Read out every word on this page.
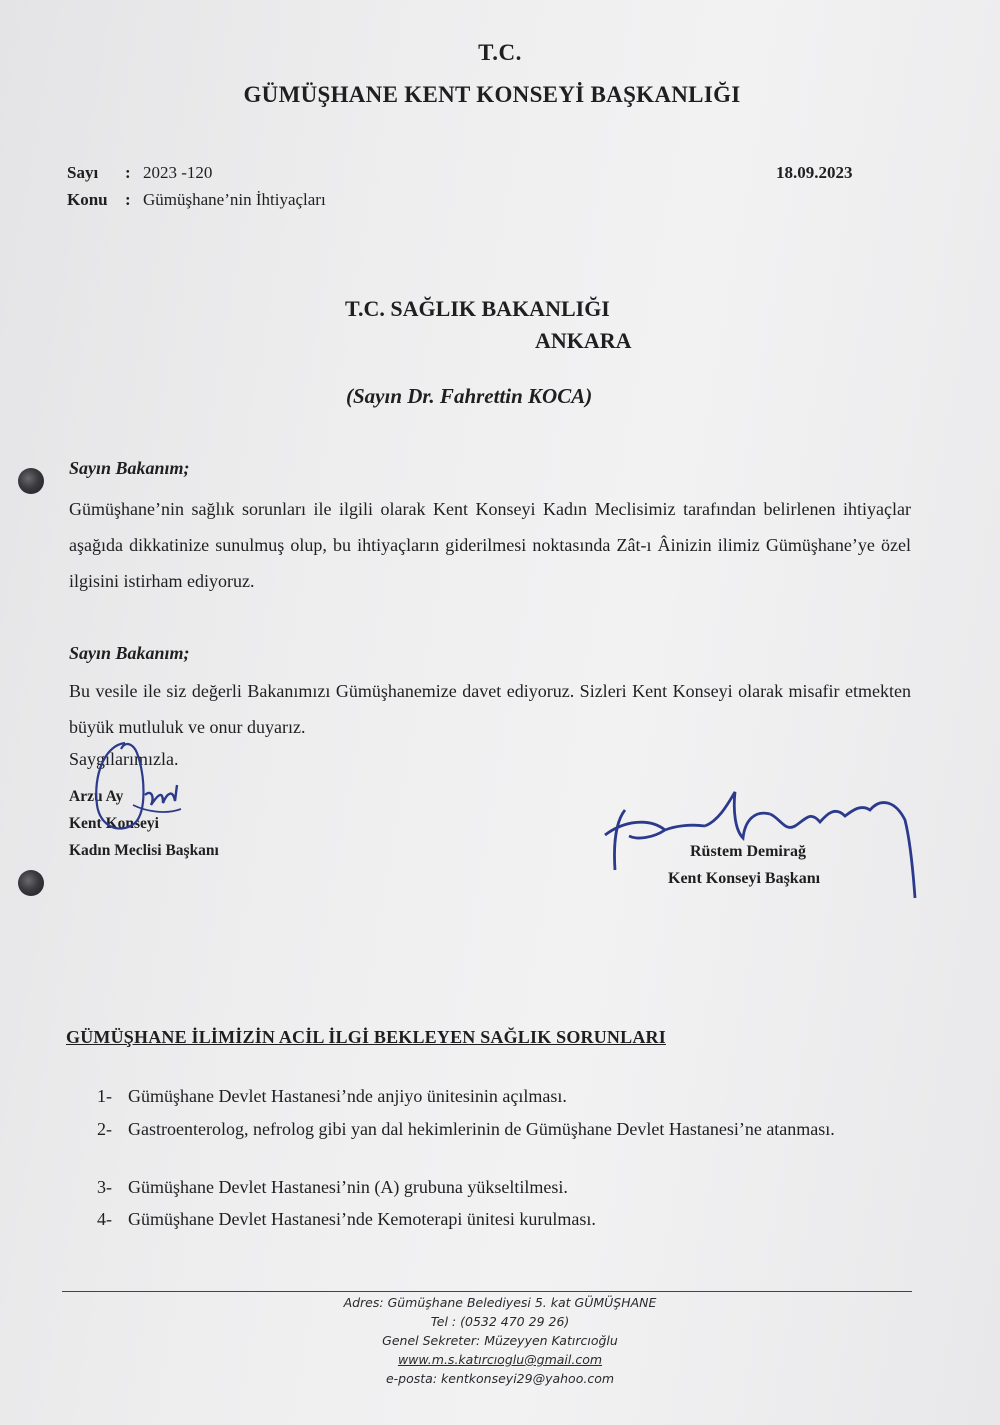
T.C.
GÜMÜŞHANE KENT KONSEYİ BAŞKANLIĞI
Sayı : 2023 -120
Konu : Gümüşhane’nin İhtiyaçları
18.09.2023
T.C. SAĞLIK BAKANLIĞI
ANKARA
(Sayın Dr. Fahrettin KOCA)
Sayın Bakanım;
Gümüşhane’nin sağlık sorunları ile ilgili olarak Kent Konseyi Kadın Meclisimiz tarafından belirlenen ihtiyaçlar aşağıda dikkatinize sunulmuş olup, bu ihtiyaçların giderilmesi noktasında Zât-ı Âinizin ilimiz Gümüşhane’ye özel ilgisini istirham ediyoruz.
Sayın Bakanım;
Bu vesile ile siz değerli Bakanımızı Gümüşhanemize davet ediyoruz. Sizleri Kent Konseyi olarak misafir etmekten büyük mutluluk ve onur duyarız.
Saygılarımızla.
Arzu Ay
Kent Konseyi
Kadın Meclisi Başkanı	Rüstem Demirağ
Kent Konseyi Başkanı
GÜMÜŞHANE İLİMİZİN ACİL İLGİ BEKLEYEN SAĞLIK SORUNLARI
1- Gümüşhane Devlet Hastanesi’nde anjiyo ünitesinin açılması.
2- Gastroenterolog, nefrolog gibi yan dal hekimlerinin de Gümüşhane Devlet Hastanesi’ne atanması.
3- Gümüşhane Devlet Hastanesi’nin (A) grubuna yükseltilmesi.
4- Gümüşhane Devlet Hastanesi’nde Kemoterapi ünitesi kurulması.
Adres: Gümüşhane Belediyesi 5. kat GÜMÜŞHANE
Tel : (0532 470 29 26)
Genel Sekreter: Müzeyyen Katırcıoğlu
www.m.s.katırcıoglu@gmail.com
e-posta: kentkonseyi29@yahoo.com
